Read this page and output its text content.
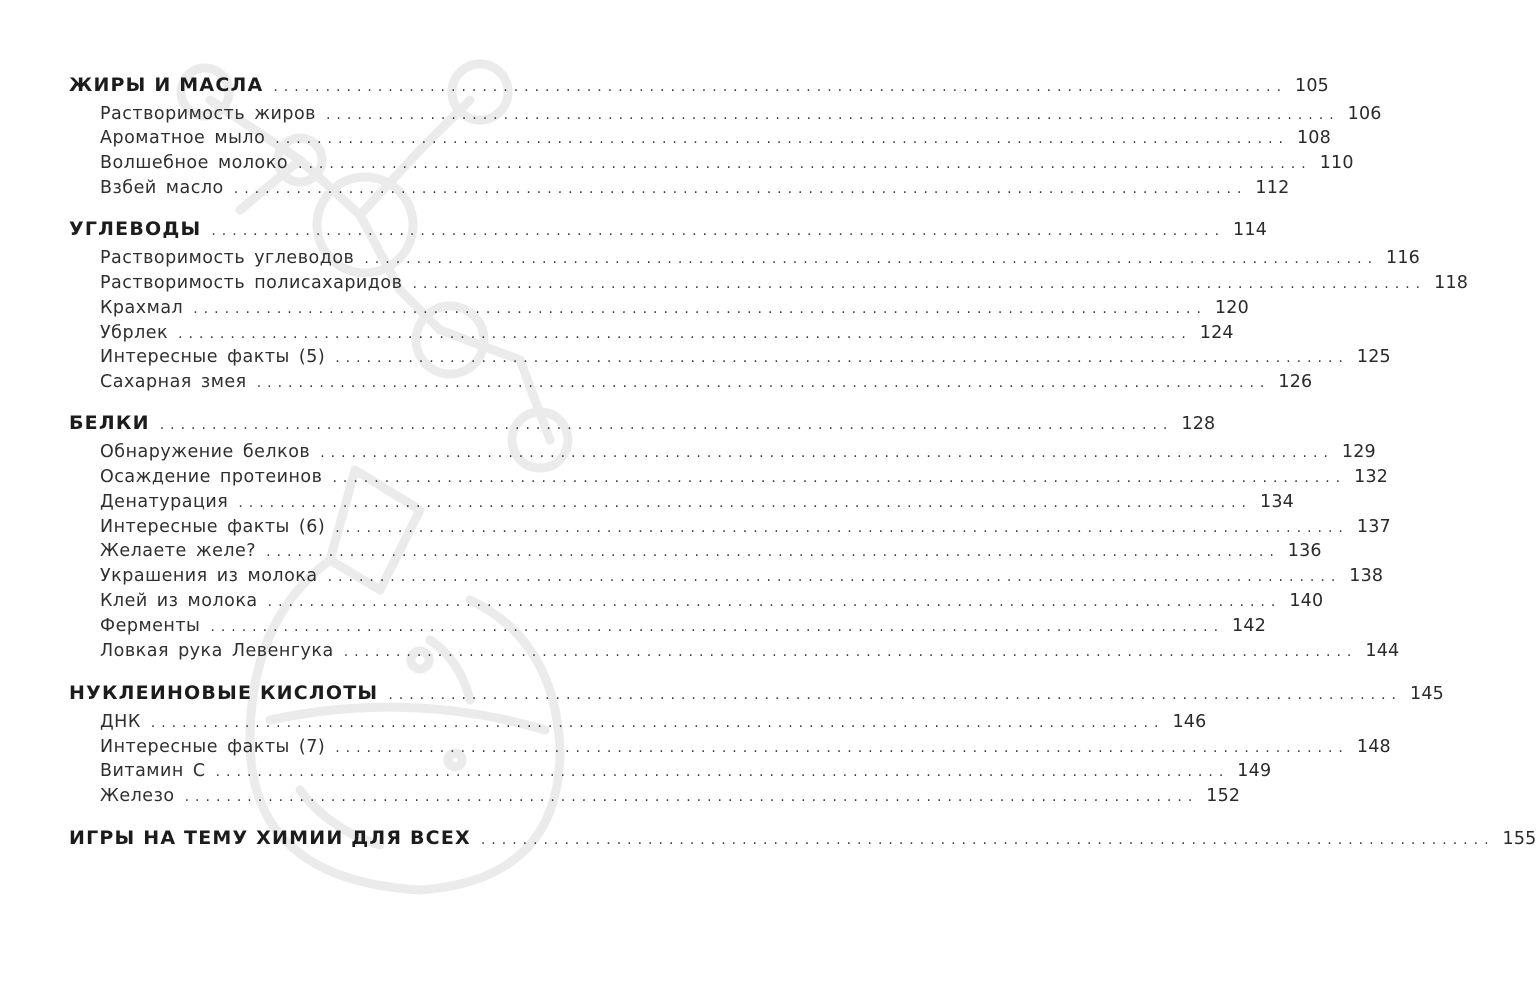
ЖИРЫ И МАСЛА ................................................................................................. 105
Растворимость жиров ................................................................................................. 106
Ароматное мыло ................................................................................................. 108
Волшебное молоко ................................................................................................. 110
Взбей масло ................................................................................................. 112
УГЛЕВОДЫ ................................................................................................. 114
Растворимость углеводов ................................................................................................. 116
Растворимость полисахаридов ................................................................................................. 118
Крахмал ................................................................................................. 120
Убрлек ................................................................................................. 124
Интересные факты (5) ................................................................................................. 125
Сахарная змея ................................................................................................. 126
БЕЛКИ ................................................................................................. 128
Обнаружение белков ................................................................................................. 129
Осаждение протеинов ................................................................................................. 132
Денатурация ................................................................................................. 134
Интересные факты (6) ................................................................................................. 137
Желаете желе? ................................................................................................. 136
Украшения из молока ................................................................................................. 138
Клей из молока ................................................................................................. 140
Ферменты ................................................................................................. 142
Ловкая рука Левенгука ................................................................................................. 144
НУКЛЕИНОВЫЕ КИСЛОТЫ ................................................................................................. 145
ДНК ................................................................................................. 146
Интересные факты (7) ................................................................................................. 148
Витамин С ................................................................................................. 149
Железо ................................................................................................. 152
ИГРЫ НА ТЕМУ ХИМИИ ДЛЯ ВСЕХ ................................................................................................. 155
